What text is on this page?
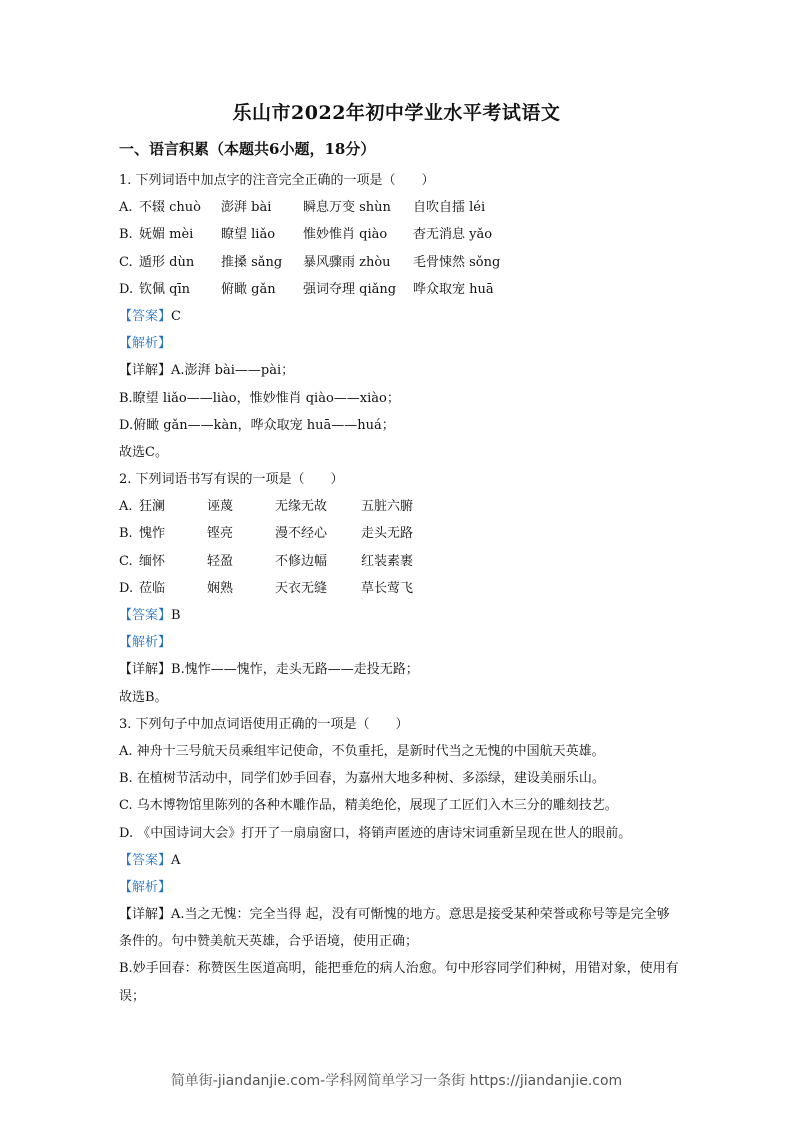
乐山市2022年初中学业水平考试语文
一、语言积累（本题共6小题，18分）
1. 下列词语中加点字的注音完全正确的一项是（　　）
A. 不辍 chuò	澎湃 bài	瞬息万变 shùn	自吹自擂 léi
B. 妩媚 mèi	瞭望 liǎo	惟妙惟肖 qiào	杳无消息 yǎo
C. 遁形 dùn	推搡 sǎng	暴风骤雨 zhòu	毛骨悚然 sǒng
D. 钦佩 qīn	俯瞰 gǎn	强词夺理 qiǎng	哗众取宠 huā
【答案】C
【解析】
【详解】A.澎湃 bài——pài；
B.瞭望 liǎo——liào，惟妙惟肖 qiào——xiào；
D.俯瞰 gǎn——kàn，哗众取宠 huā——huá；
故选C。
2. 下列词语书写有误的一项是（　　）
A. 狂澜	诬蔑	无缘无故	五脏六腑
B. 愧怍	铿亮	漫不经心	走头无路
C. 缅怀	轻盈	不修边幅	红装素裹
D. 莅临	娴熟	天衣无缝	草长莺飞
【答案】B
【解析】
【详解】B.愧怍——愧怍，走头无路——走投无路；
故选B。
3. 下列句子中加点词语使用正确的一项是（　　）
A. 神舟十三号航天员乘组牢记使命，不负重托，是新时代当之无愧的中国航天英雄。
B. 在植树节活动中，同学们妙手回春，为嘉州大地多种树、多添绿，建设美丽乐山。
C. 乌木博物馆里陈列的各种木雕作品，精美绝伦，展现了工匠们入木三分的雕刻技艺。
D. 《中国诗词大会》打开了一扇扇窗口，将销声匿迹的唐诗宋词重新呈现在世人的眼前。
【答案】A
【解析】
【详解】A.当之无愧：完全当得 起，没有可惭愧的地方。意思是接受某种荣誉或称号等是完全够条件的。句中赞美航天英雄，合乎语境，使用正确；
B.妙手回春：称赞医生医道高明，能把垂危的病人治愈。句中形容同学们种树，用错对象，使用有误；
简单街-jiandanjie.com-学科网简单学习一条街 https://jiandanjie.com
